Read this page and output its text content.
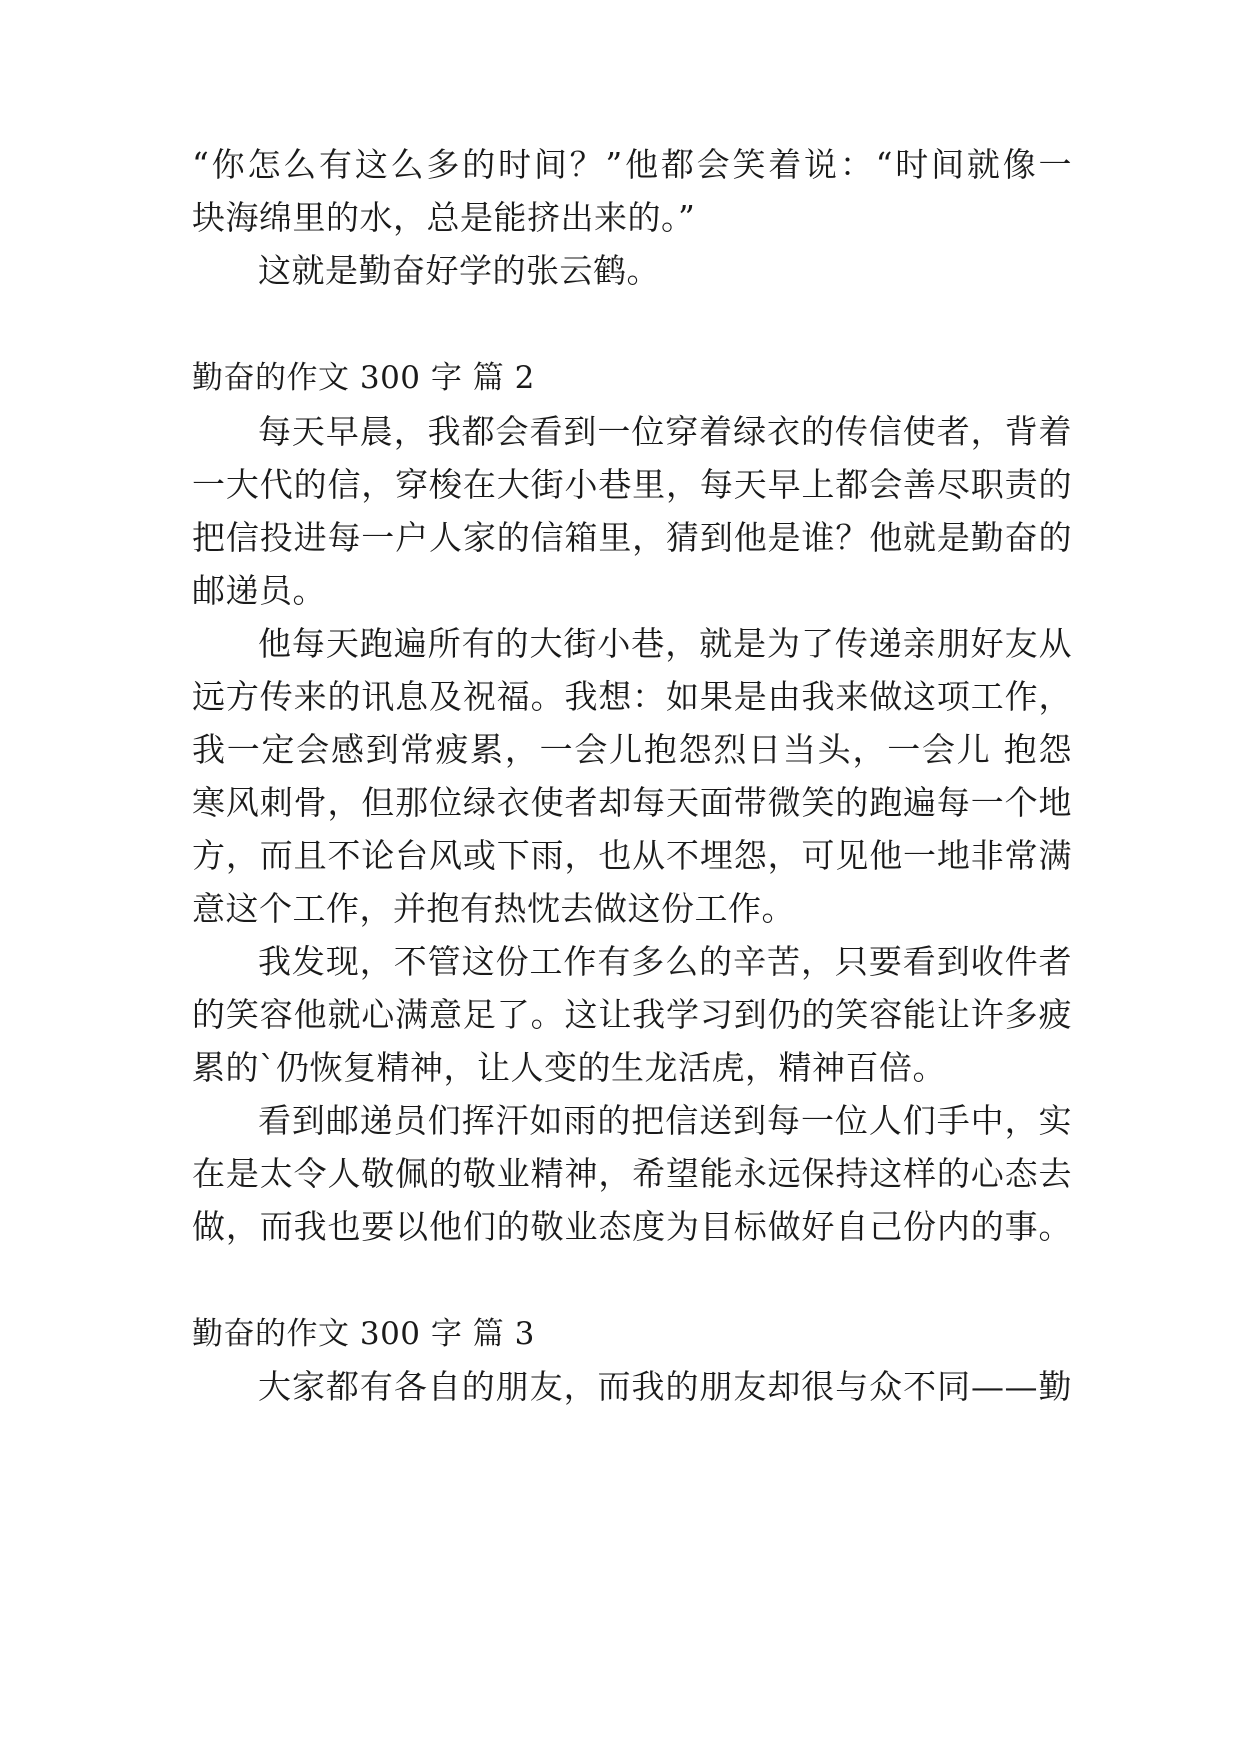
“你怎么有这么多的时间？”他都会笑着说：“时间就像一
块海绵里的水，总是能挤出来的。”
这就是勤奋好学的张云鹤。
勤奋的作文 300 字 篇 2
每天早晨，我都会看到一位穿着绿衣的传信使者，背着
一大代的信，穿梭在大街小巷里，每天早上都会善尽职责的
把信投进每一户人家的信箱里，猜到他是谁？他就是勤奋的
邮递员。
他每天跑遍所有的大街小巷，就是为了传递亲朋好友从
远方传来的讯息及祝福。我想：如果是由我来做这项工作，
我一定会感到常疲累，一会儿抱怨烈日当头，一会儿 抱怨
寒风刺骨，但那位绿衣使者却每天面带微笑的跑遍每一个地
方，而且不论台风或下雨，也从不埋怨，可见他一地非常满
意这个工作，并抱有热忱去做这份工作。
我发现，不管这份工作有多么的辛苦，只要看到收件者
的笑容他就心满意足了。这让我学习到仍的笑容能让许多疲
累的`仍恢复精神，让人变的生龙活虎，精神百倍。
看到邮递员们挥汗如雨的把信送到每一位人们手中，实
在是太令人敬佩的敬业精神，希望能永远保持这样的心态去
做，而我也要以他们的敬业态度为目标做好自己份内的事。
勤奋的作文 300 字 篇 3
大家都有各自的朋友，而我的朋友却很与众不同——勤
